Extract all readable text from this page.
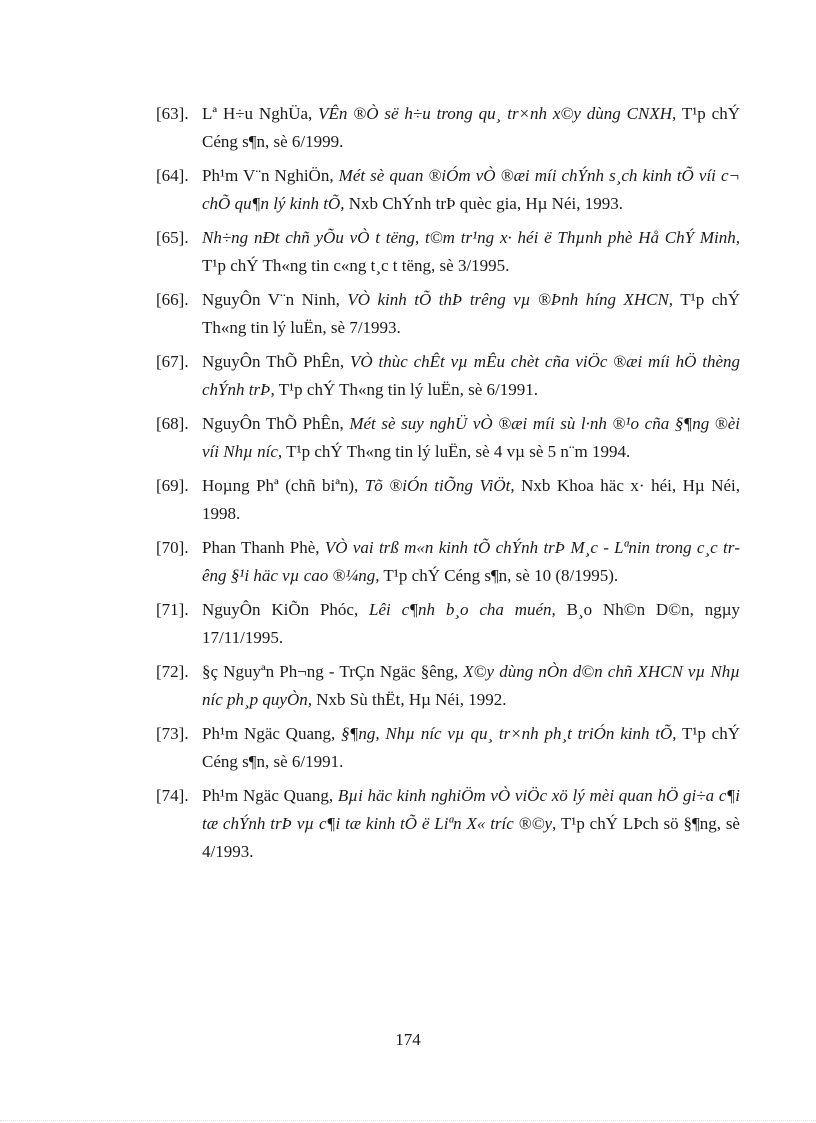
[63]. Lª H÷u NghÜa, VÊn ®Ò së h÷u trong qu¸ tr×nh x©y dùng CNXH, T¹p chÝ Céng s¶n, sè 6/1999.
[64]. Ph¹m V¨n NghiÖn, Mét sè quan ®iÓm vÒ ®æi míi chÝnh s¸ch kinh tÕ víi c¬ chÕ qu¶n lý kinh tÕ, Nxb ChÝnh trÞ quèc gia, Hµ Néi, 1993.
[65]. Nh÷ng nÐt chñ yÕu vÒ t tëng, t©m tr¹ng x· héi ë Thµnh phè Hå ChÝ Minh, T¹p chÝ Th«ng tin c«ng t¸c t tëng, sè 3/1995.
[66]. NguyÔn V¨n Ninh, VÒ kinh tÕ thÞ trêng vµ ®Þnh híng XHCN, T¹p chÝ Th«ng tin lý luËn, sè 7/1993.
[67]. NguyÔn ThÕ PhÊn, VÒ thùc chÊt vµ mÊu chèt cña viÖc ®æi míi hÖ thèng chÝnh trÞ, T¹p chÝ Th«ng tin lý luËn, sè 6/1991.
[68]. NguyÔn ThÕ PhÊn, Mét sè suy nghÜ vÒ ®æi míi sù l·nh ®¹o cña §¶ng ®èi víi Nhµ níc, T¹p chÝ Th«ng tin lý luËn, sè 4 vµ sè 5 n¨m 1994.
[69]. Hoµng Phª (chñ biªn), Tõ ®iÓn tiÕng ViÖt, Nxb Khoa häc x· héi, Hµ Néi, 1998.
[70]. Phan Thanh Phè, VÒ vai trß m«n kinh tÕ chÝnh trÞ M¸c - Lªnin trong c¸c trêng §¹i häc vµ cao ®¼ng, T¹p chÝ Céng s¶n, sè 10 (8/1995).
[71]. NguyÔn KiÕn Phóc, Lêi c¶nh b¸o cha muén, B¸o Nh©n D©n, ngµy 17/11/1995.
[72]. §ç Nguyªn Ph¬ng - TrÇn Ngäc §êng, X©y dùng nÒn d©n chñ XHCN vµ Nhµ níc ph¸p quyÒn, Nxb Sù thËt, Hµ Néi, 1992.
[73]. Ph¹m Ngäc Quang, §¶ng, Nhµ níc vµ qu¸ tr×nh ph¸t triÓn kinh tÕ, T¹p chÝ Céng s¶n, sè 6/1991.
[74]. Ph¹m Ngäc Quang, Bµi häc kinh nghiÖm vÒ viÖc xö lý mèi quan hÖ gi÷a c¶i tæ chÝnh trÞ vµ c¶i tæ kinh tÕ ë Liªn X« tríc ®©y, T¹p chÝ LÞch sö §¶ng, sè 4/1993.
174
